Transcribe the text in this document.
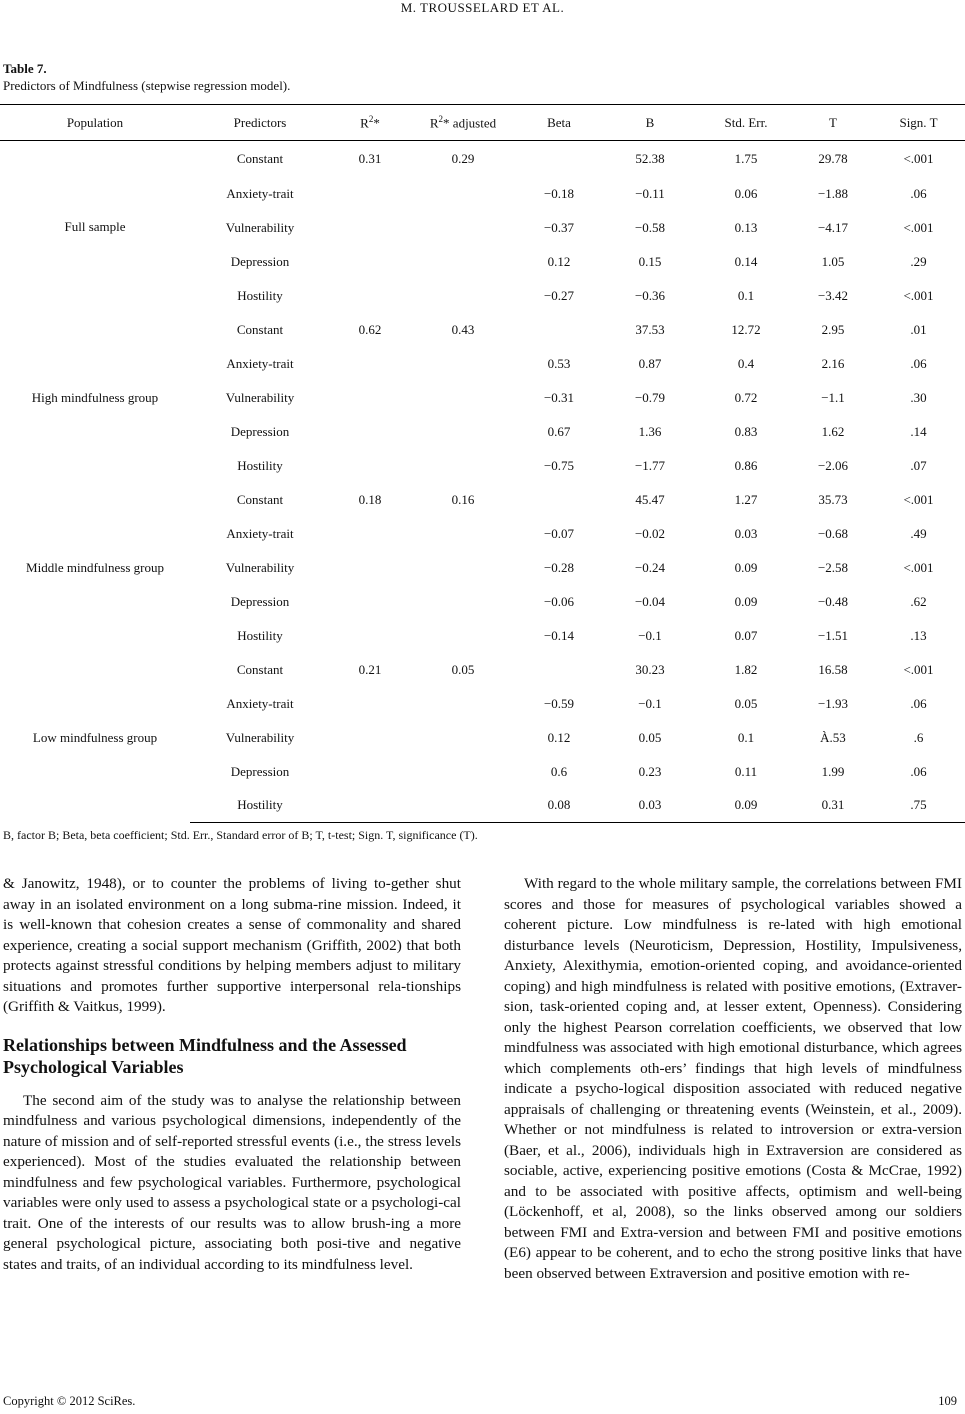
M. TROUSSELARD ET AL.
Table 7.
Predictors of Mindfulness (stepwise regression model).
Population	Predictors	$R^2*$	$R^2*$ adjusted	Beta	B	Std. Err.	T	Sign. T
Full sample	Constant	0.31	0.29		52.38	1.75	29.78	<.001
	Anxiety-trait			−0.18	−0.11	0.06	−1.88	.06
	Vulnerability			−0.37	−0.58	0.13	−4.17	<.001
	Depression			0.12	0.15	0.14	1.05	.29
	Hostility			−0.27	−0.36	0.1	−3.42	<.001
High mindfulness group	Constant	0.62	0.43		37.53	12.72	2.95	.01
	Anxiety-trait			0.53	0.87	0.4	2.16	.06
	Vulnerability			−0.31	−0.79	0.72	−1.1	.30
	Depression			0.67	1.36	0.83	1.62	.14
	Hostility			−0.75	−1.77	0.86	−2.06	.07
Middle mindfulness group	Constant	0.18	0.16		45.47	1.27	35.73	<.001
	Anxiety-trait			−0.07	−0.02	0.03	−0.68	.49
	Vulnerability			−0.28	−0.24	0.09	−2.58	<.001
	Depression			−0.06	−0.04	0.09	−0.48	.62
	Hostility			−0.14	−0.1	0.07	−1.51	.13
Low mindfulness group	Constant	0.21	0.05		30.23	1.82	16.58	<.001
	Anxiety-trait			−0.59	−0.1	0.05	−1.93	.06
	Vulnerability			0.12	0.05	0.1	À.53	.6
	Depression			0.6	0.23	0.11	1.99	.06
	Hostility			0.08	0.03	0.09	0.31	.75
B, factor B; Beta, beta coefficient; Std. Err., Standard error of B; T, t-test; Sign. T, significance (T).

& Janowitz, 1948), or to counter the problems of living to-gether shut away in an isolated environment on a long subma-rine mission. Indeed, it is well-known that cohesion creates a sense of commonality and shared experience, creating a social support mechanism (Griffith, 2002) that both protects against stressful conditions by helping members adjust to military situations and promotes further supportive interpersonal rela-tionships (Griffith & Vaitkus, 1999).

Relationships between Mindfulness and the Assessed Psychological Variables

The second aim of the study was to analyse the relationship between mindfulness and various psychological dimensions, independently of the nature of mission and of self-reported stressful events (i.e., the stress levels experienced). Most of the studies evaluated the relationship between mindfulness and few psychological variables. Furthermore, psychological variables were only used to assess a psychological state or a psychologi-cal trait. One of the interests of our results was to allow brush-ing a more general psychological picture, associating both posi-tive and negative states and traits, of an individual according to its mindfulness level.

With regard to the whole military sample, the correlations between FMI scores and those for measures of psychological variables showed a coherent picture. Low mindfulness is re-lated with high emotional disturbance levels (Neuroticism, Depression, Hostility, Impulsiveness, Anxiety, Alexithymia, emotion-oriented coping, and avoidance-oriented coping) and high mindfulness is related with positive emotions, (Extraver-sion, task-oriented coping and, at lesser extent, Openness). Considering only the highest Pearson correlation coefficients, we observed that low mindfulness was associated with high emotional disturbance, which agrees which complements oth-ers’ findings that high levels of mindfulness indicate a psycho-logical disposition associated with reduced negative appraisals of challenging or threatening events (Weinstein, et al., 2009). Whether or not mindfulness is related to introversion or extra-version (Baer, et al., 2006), individuals high in Extraversion are considered as sociable, active, experiencing positive emotions (Costa & McCrae, 1992) and to be associated with positive affects, optimism and well-being (Löckenhoff, et al, 2008), so the links observed among our soldiers between FMI and Extra-version and between FMI and positive emotions (E6) appear to be coherent, and to echo the strong positive links that have been observed between Extraversion and positive emotion with re-

Copyright © 2012 SciRes.	109
